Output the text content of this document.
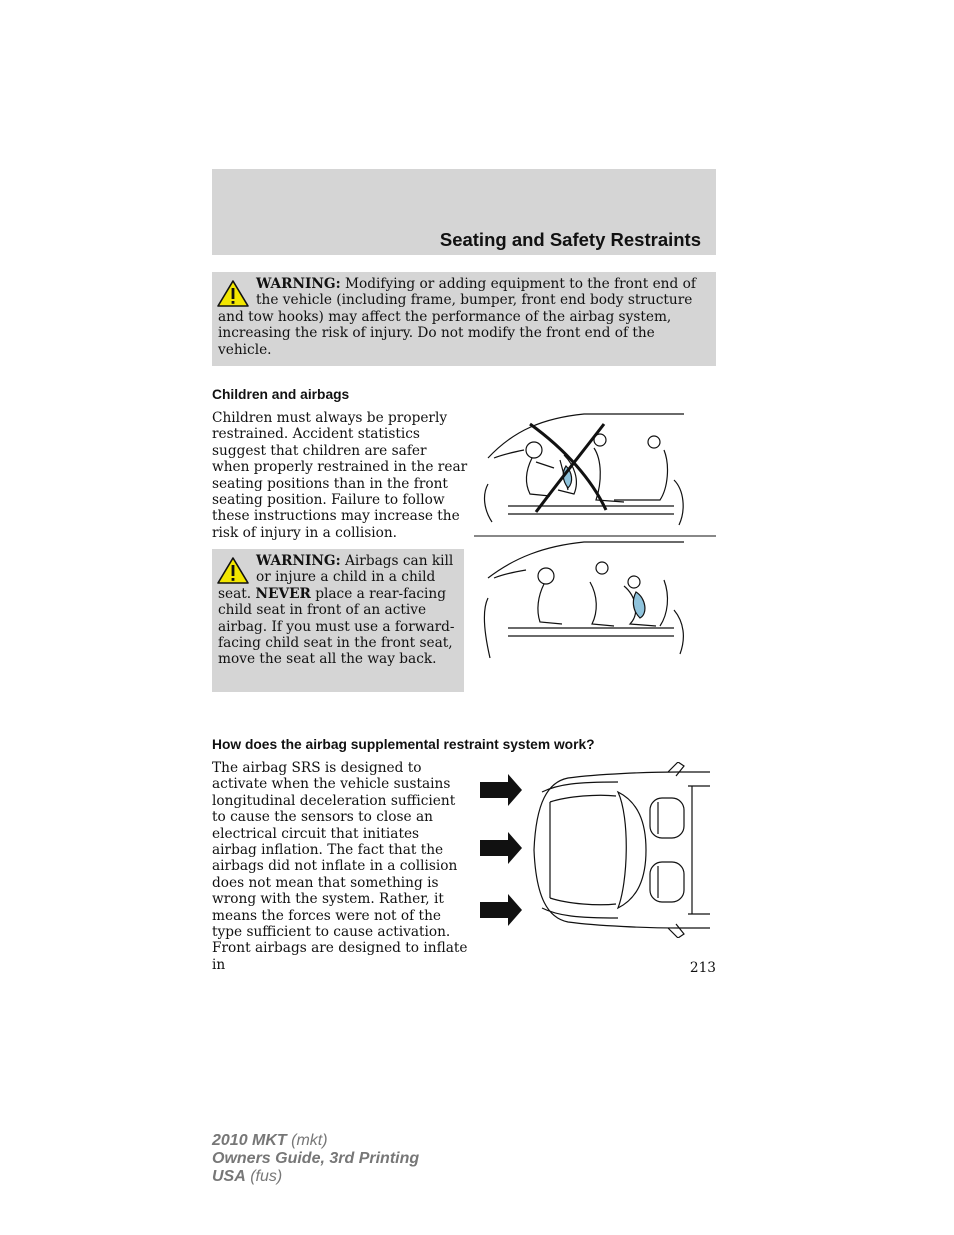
Seating and Safety Restraints
WARNING: Modifying or adding equipment to the front end of the vehicle (including frame, bumper, front end body structure and tow hooks) may affect the performance of the airbag system, increasing the risk of injury. Do not modify the front end of the vehicle.
Children and airbags
Children must always be properly restrained. Accident statistics suggest that children are safer when properly restrained in the rear seating positions than in the front seating position. Failure to follow these instructions may increase the risk of injury in a collision.
WARNING: Airbags can kill or injure a child in a child seat. NEVER place a rear-facing child seat in front of an active airbag. If you must use a forward-facing child seat in the front seat, move the seat all the way back.
How does the airbag supplemental restraint system work?
The airbag SRS is designed to activate when the vehicle sustains longitudinal deceleration sufficient to cause the sensors to close an electrical circuit that initiates airbag inflation. The fact that the airbags did not inflate in a collision does not mean that something is wrong with the system. Rather, it means the forces were not of the type sufficient to cause activation. Front airbags are designed to inflate in	213
2010 MKT (mkt)
Owners Guide, 3rd Printing
USA (fus)
